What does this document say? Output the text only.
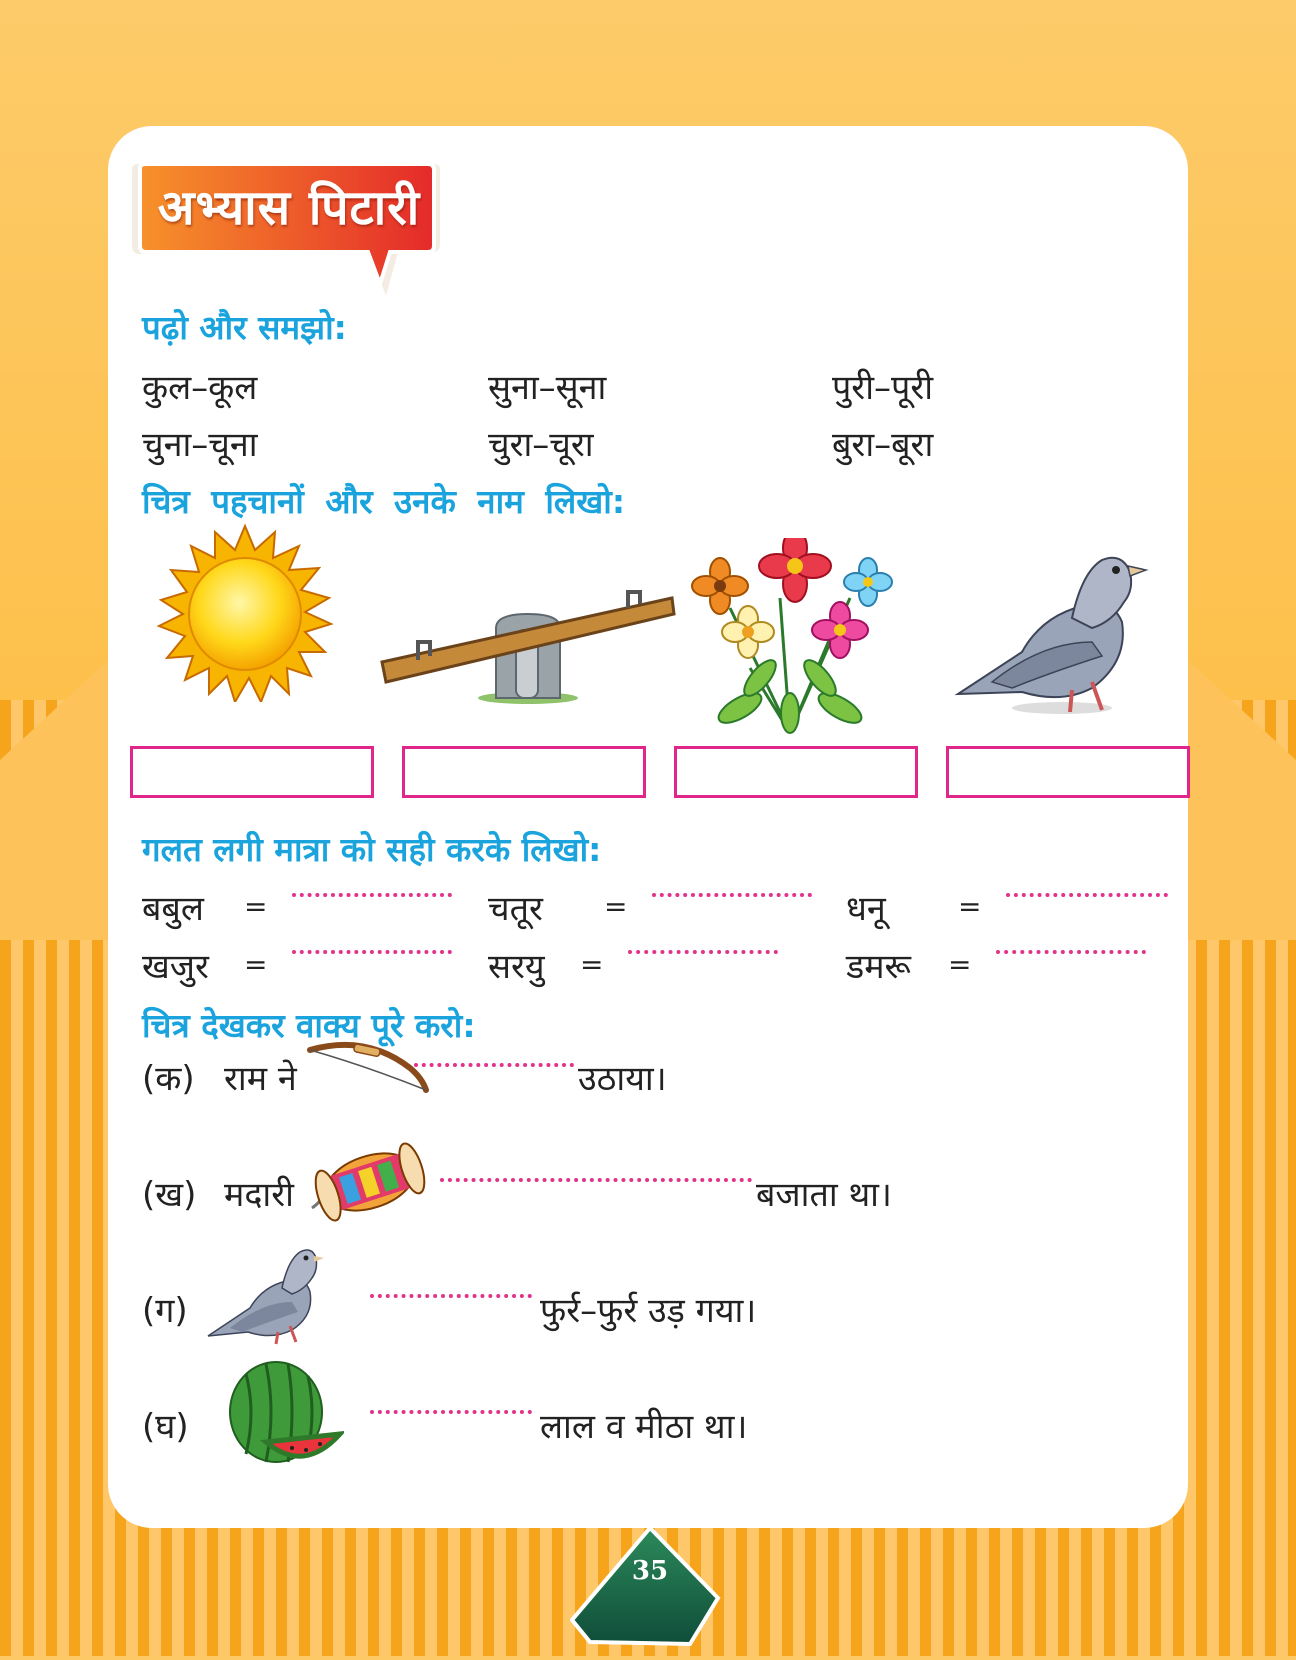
अभ्यास पिटारी
पढ़ो और समझो:
कुल–कूल	सुना–सूना	पुरी–पूरी
चुना–चूना	चुरा–चूरा	बुरा–बूरा
चित्र पहचानों और उनके नाम लिखो:
गलत लगी मात्रा को सही करके लिखो:
बबुल =	चतूर =	धनू	=
खजुर =	सरयु =	डमरू =
चित्र देखकर वाक्य पूरे करो:
(क) राम ने	उठाया।
(ख) मदारी	बजाता था।
(ग)	फुर्र–फुर्र उड़ गया।
(घ)	लाल व मीठा था।
35
